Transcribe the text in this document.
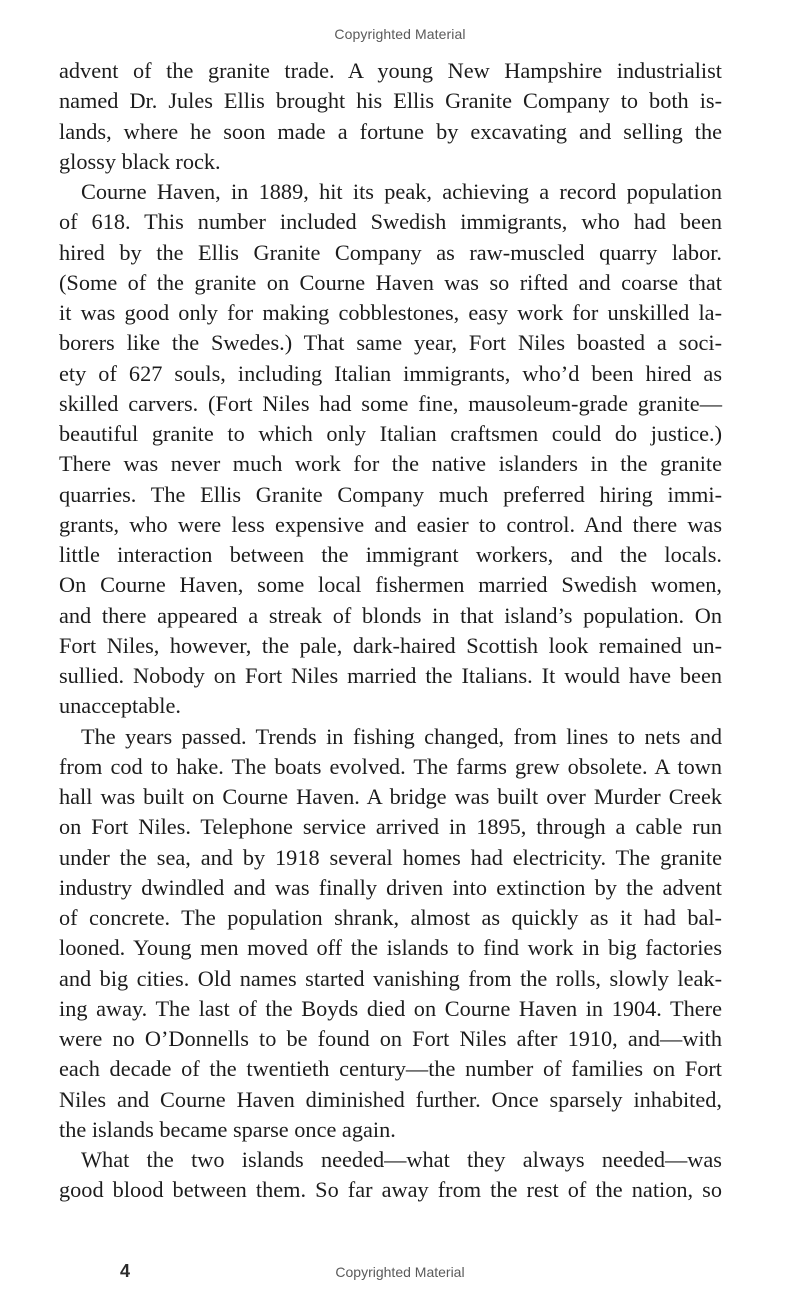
Copyrighted Material
advent of the granite trade. A young New Hampshire industrialist
named Dr. Jules Ellis brought his Ellis Granite Company to both is-
lands, where he soon made a fortune by excavating and selling the
glossy black rock.
Courne Haven, in 1889, hit its peak, achieving a record population
of 618. This number included Swedish immigrants, who had been
hired by the Ellis Granite Company as raw-muscled quarry labor.
(Some of the granite on Courne Haven was so rifted and coarse that
it was good only for making cobblestones, easy work for unskilled la-
borers like the Swedes.) That same year, Fort Niles boasted a soci-
ety of 627 souls, including Italian immigrants, who’d been hired as
skilled carvers. (Fort Niles had some fine, mausoleum-grade granite—
beautiful granite to which only Italian craftsmen could do justice.)
There was never much work for the native islanders in the granite
quarries. The Ellis Granite Company much preferred hiring immi-
grants, who were less expensive and easier to control. And there was
little interaction between the immigrant workers, and the locals.
On Courne Haven, some local fishermen married Swedish women,
and there appeared a streak of blonds in that island’s population. On
Fort Niles, however, the pale, dark-haired Scottish look remained un-
sullied. Nobody on Fort Niles married the Italians. It would have been
unacceptable.
The years passed. Trends in fishing changed, from lines to nets and
from cod to hake. The boats evolved. The farms grew obsolete. A town
hall was built on Courne Haven. A bridge was built over Murder Creek
on Fort Niles. Telephone service arrived in 1895, through a cable run
under the sea, and by 1918 several homes had electricity. The granite
industry dwindled and was finally driven into extinction by the advent
of concrete. The population shrank, almost as quickly as it had bal-
looned. Young men moved off the islands to find work in big factories
and big cities. Old names started vanishing from the rolls, slowly leak-
ing away. The last of the Boyds died on Courne Haven in 1904. There
were no O’Donnells to be found on Fort Niles after 1910, and—with
each decade of the twentieth century—the number of families on Fort
Niles and Courne Haven diminished further. Once sparsely inhabited,
the islands became sparse once again.
What the two islands needed—what they always needed—was
good blood between them. So far away from the rest of the nation, so
4	Copyrighted Material
